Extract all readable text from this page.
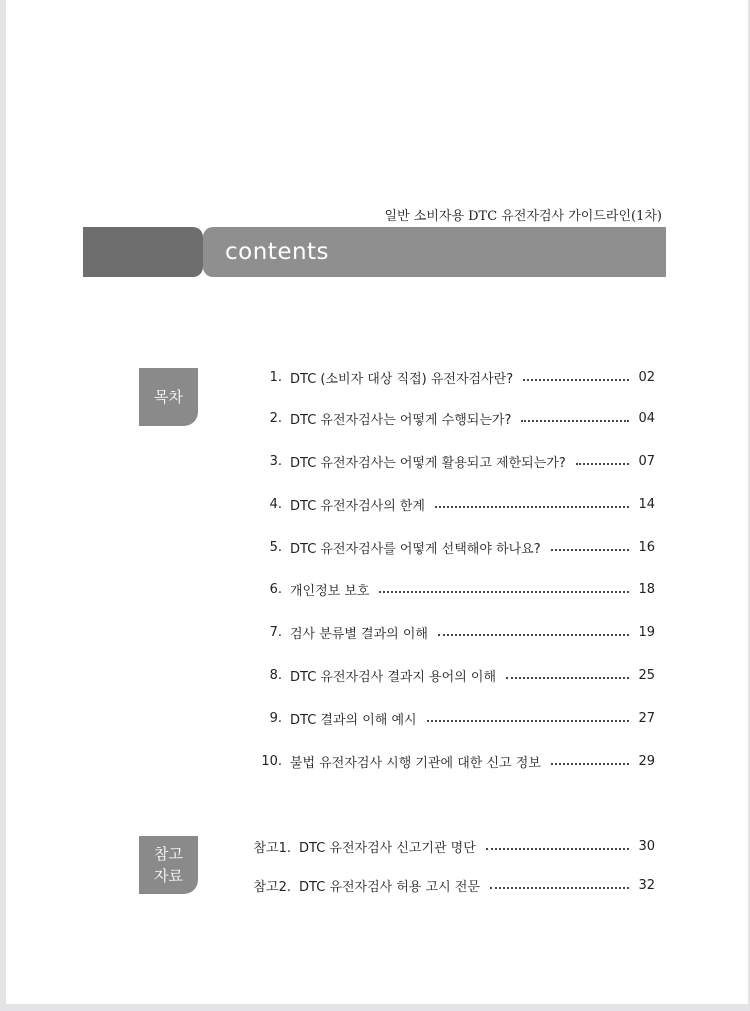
일반 소비자용 DTC 유전자검사 가이드라인(1차)
contents
목차
1. DTC (소비자 대상 직접) 유전자검사란?	02
2. DTC 유전자검사는 어떻게 수행되는가?	04
3. DTC 유전자검사는 어떻게 활용되고 제한되는가?	07
4. DTC 유전자검사의 한계	14
5. DTC 유전자검사를 어떻게 선택해야 하나요?	16
6. 개인정보 보호	18
7. 검사 분류별 결과의 이해	19
8. DTC 유전자검사 결과지 용어의 이해	25
9. DTC 결과의 이해 예시	27
10. 불법 유전자검사 시행 기관에 대한 신고 정보	29
참고
자료
참고1. DTC 유전자검사 신고기관 명단	30
참고2. DTC 유전자검사 허용 고시 전문	32
